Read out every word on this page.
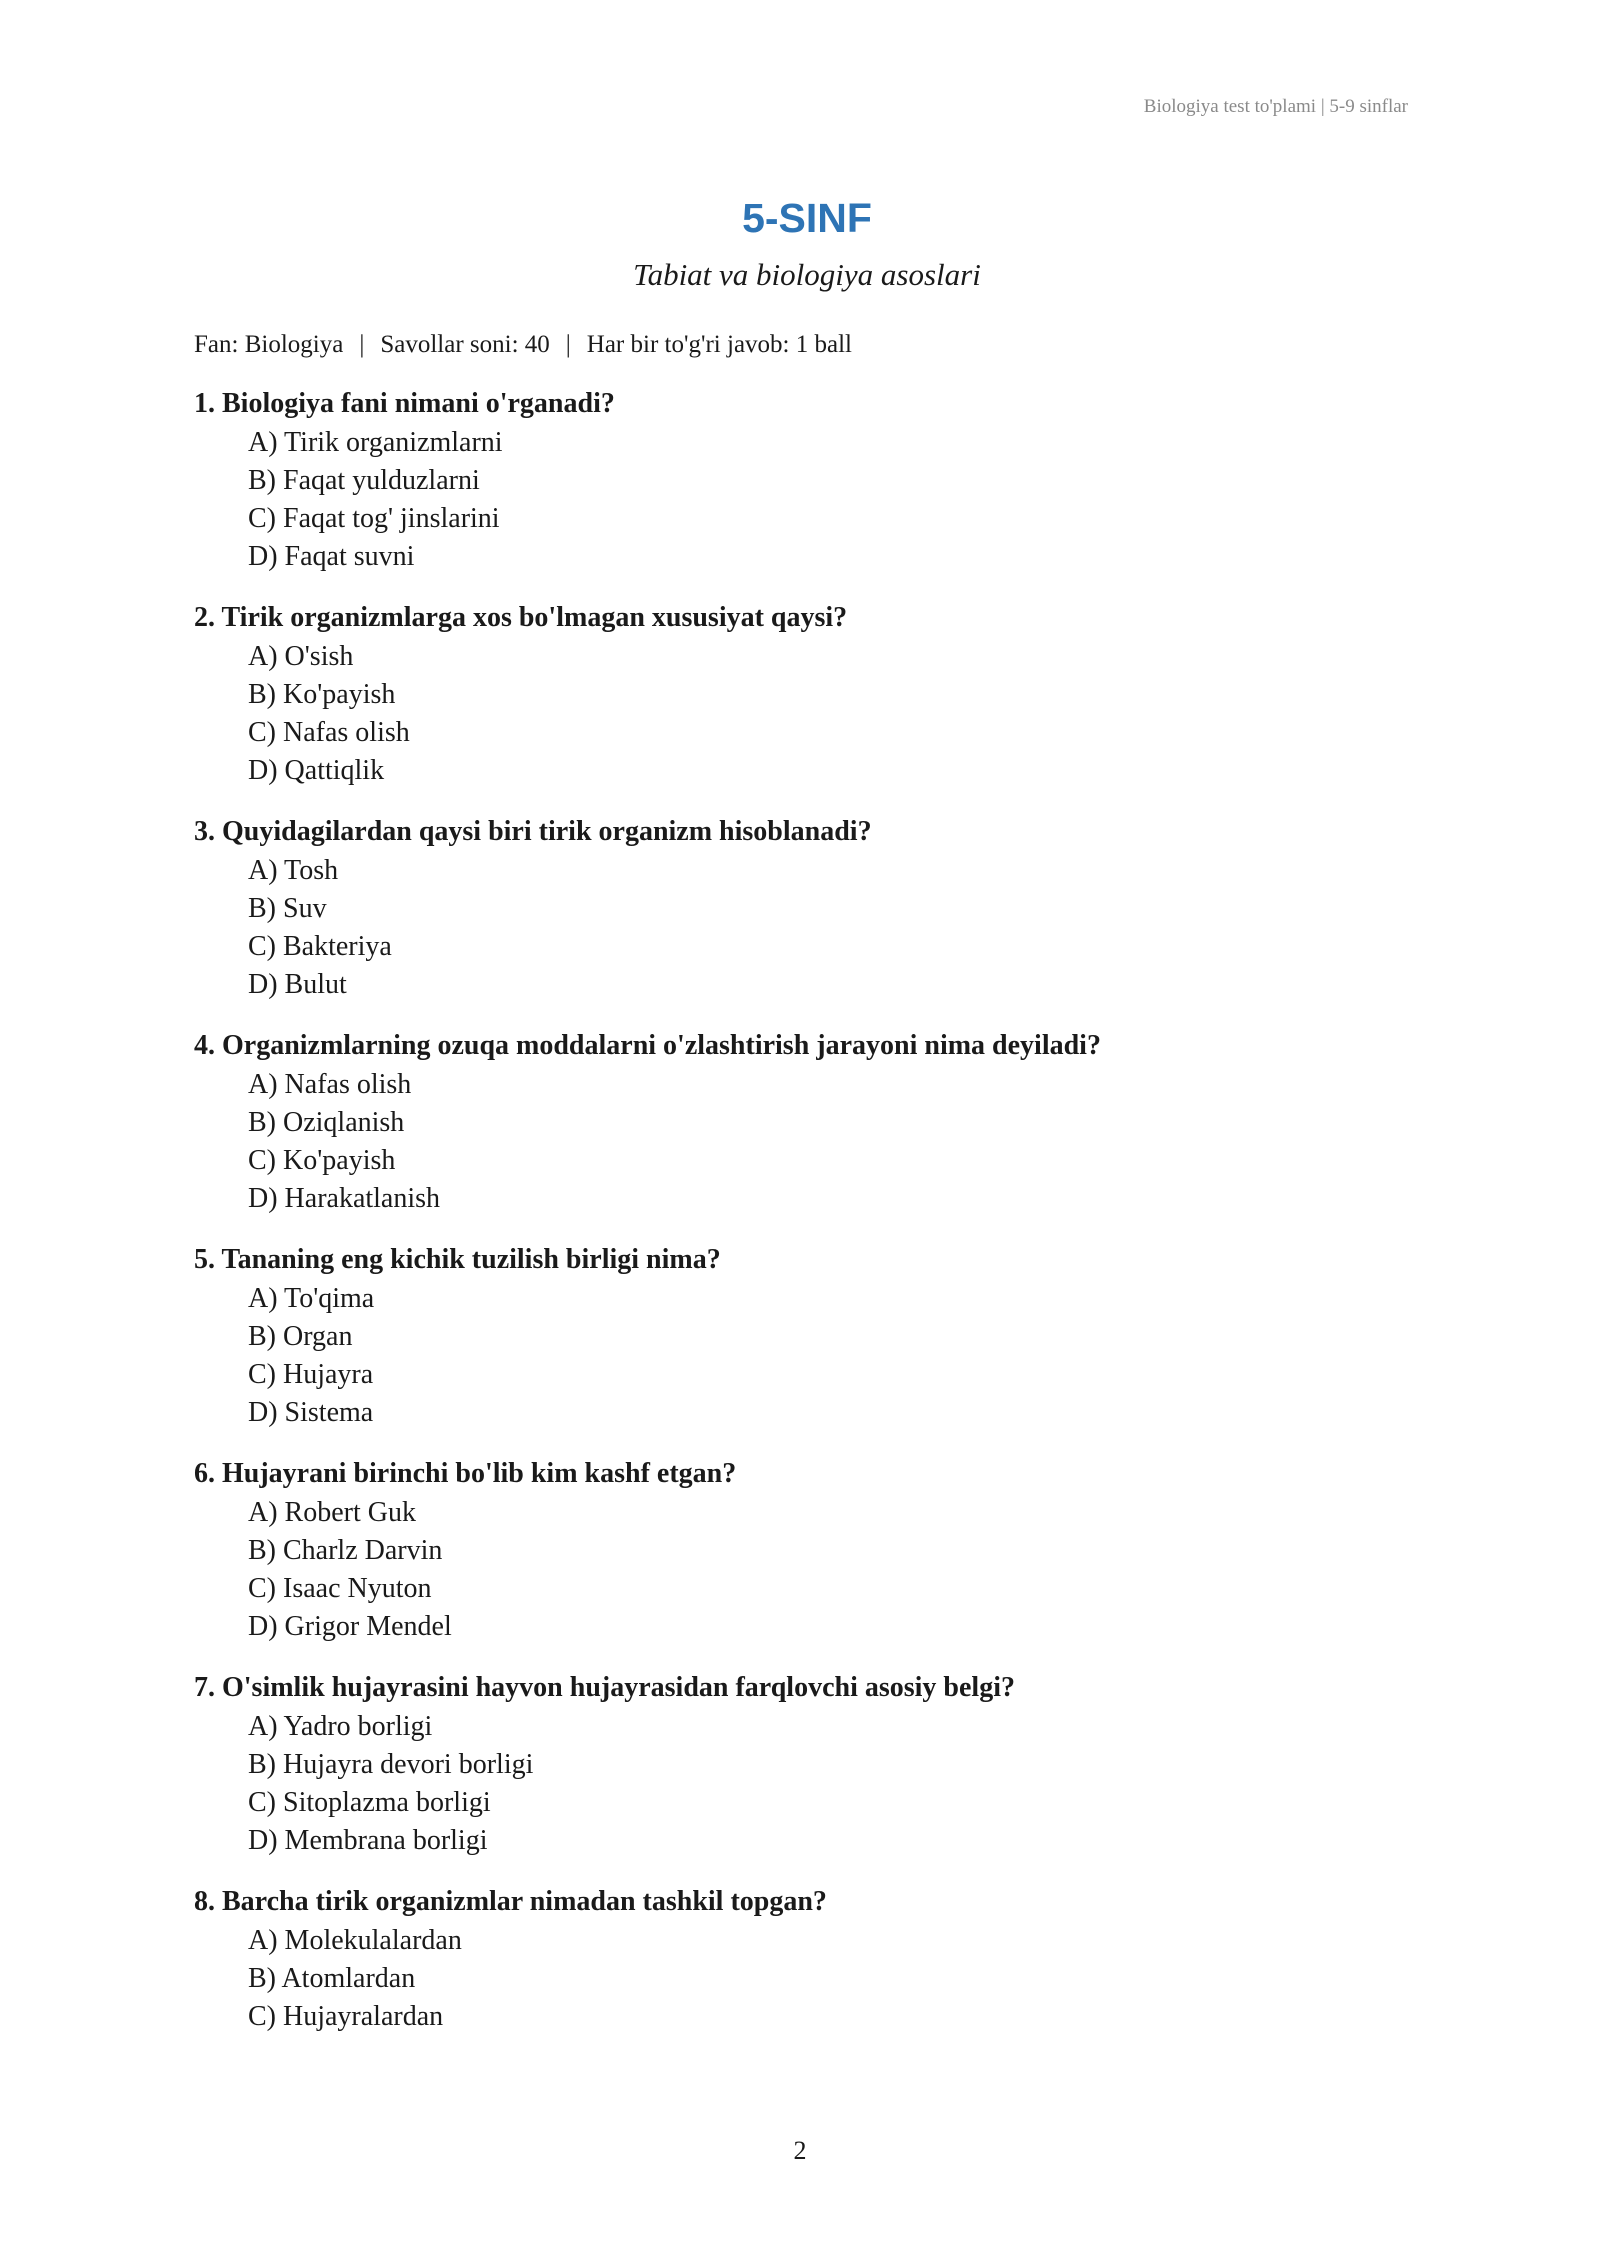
Biologiya test to'plami | 5-9 sinflar
5-SINF
Tabiat va biologiya asoslari
Fan: Biologiya | Savollar soni: 40 | Har bir to'g'ri javob: 1 ball

1. Biologiya fani nimani o'rganadi?

A) Tirik organizmlarni
B) Faqat yulduzlarni
C) Faqat tog' jinslarini
D) Faqat suvni

2. Tirik organizmlarga xos bo'lmagan xususiyat qaysi?

A) O'sish
B) Ko'payish
C) Nafas olish
D) Qattiqlik

3. Quyidagilardan qaysi biri tirik organizm hisoblanadi?

A) Tosh
B) Suv
C) Bakteriya
D) Bulut

4. Organizmlarning ozuqa moddalarni o'zlashtirish jarayoni nima deyiladi?

A) Nafas olish
B) Oziqlanish
C) Ko'payish
D) Harakatlanish

5. Tananing eng kichik tuzilish birligi nima?

A) To'qima
B) Organ
C) Hujayra
D) Sistema

6. Hujayrani birinchi bo'lib kim kashf etgan?

A) Robert Guk
B) Charlz Darvin
C) Isaac Nyuton
D) Grigor Mendel

7. O'simlik hujayrasini hayvon hujayrasidan farqlovchi asosiy belgi?

A) Yadro borligi
B) Hujayra devori borligi
C) Sitoplazma borligi
D) Membrana borligi

8. Barcha tirik organizmlar nimadan tashkil topgan?

A) Molekulalardan
B) Atomlardan
C) Hujayralardan
2
